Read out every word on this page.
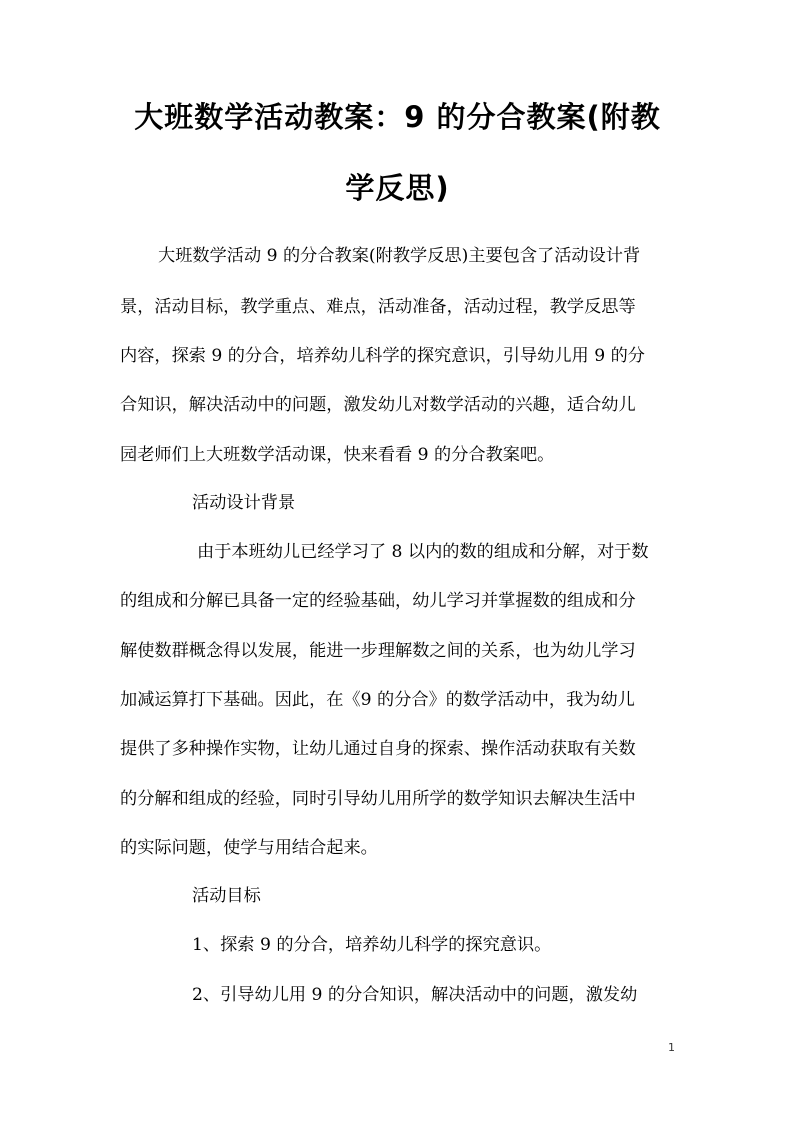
大班数学活动教案：9 的分合教案(附教
学反思)
大班数学活动 9 的分合教案(附教学反思)主要包含了活动设计背
景，活动目标，教学重点、难点，活动准备，活动过程，教学反思等
内容，探索 9 的分合，培养幼儿科学的探究意识，引导幼儿用 9 的分
合知识，解决活动中的问题，激发幼儿对数学活动的兴趣，适合幼儿
园老师们上大班数学活动课，快来看看 9 的分合教案吧。
活动设计背景
由于本班幼儿已经学习了 8 以内的数的组成和分解，对于数
的组成和分解已具备一定的经验基础，幼儿学习并掌握数的组成和分
解使数群概念得以发展，能进一步理解数之间的关系，也为幼儿学习
加减运算打下基础。因此，在《9 的分合》的数学活动中，我为幼儿
提供了多种操作实物，让幼儿通过自身的探索、操作活动获取有关数
的分解和组成的经验，同时引导幼儿用所学的数学知识去解决生活中
的实际问题，使学与用结合起来。
活动目标
1、探索 9 的分合，培养幼儿科学的探究意识。
2、引导幼儿用 9 的分合知识，解决活动中的问题，激发幼
1
